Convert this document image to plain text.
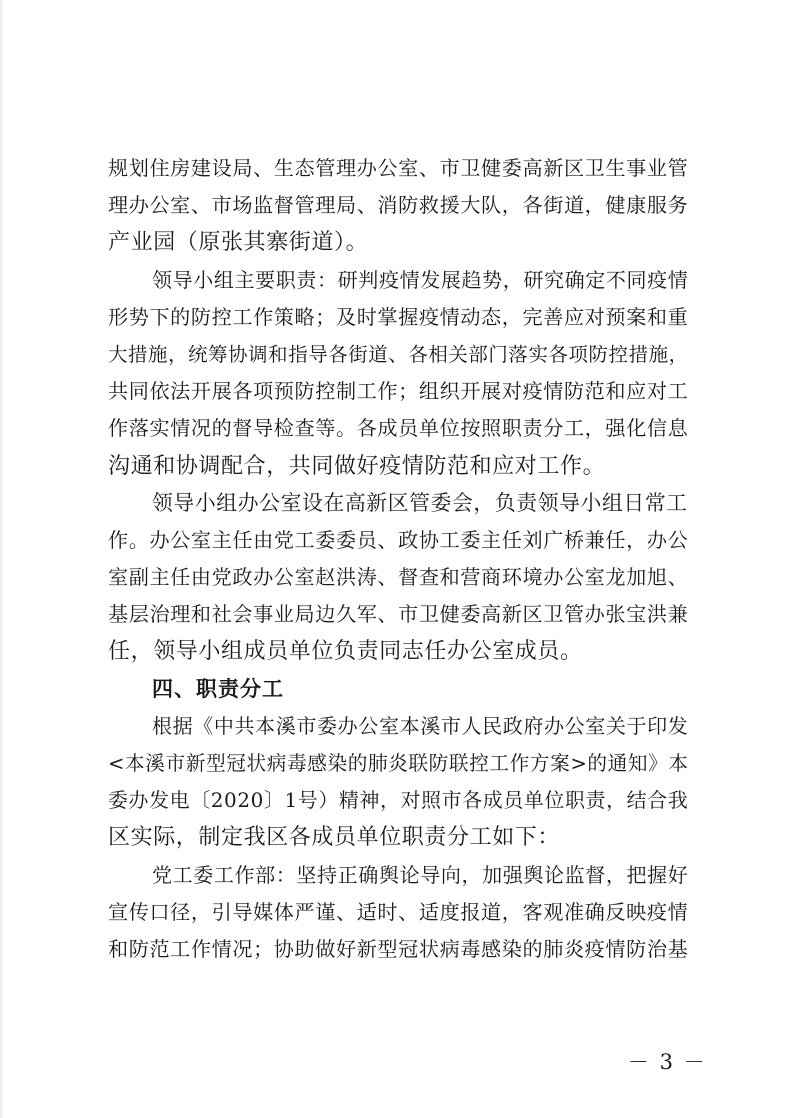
规划住房建设局、生态管理办公室、市卫健委高新区卫生事业管
理办公室、市场监督管理局、消防救援大队，各街道，健康服务
产业园（原张其寨街道）。
领导小组主要职责：研判疫情发展趋势，研究确定不同疫情
形势下的防控工作策略；及时掌握疫情动态，完善应对预案和重
大措施，统筹协调和指导各街道、各相关部门落实各项防控措施，
共同依法开展各项预防控制工作；组织开展对疫情防范和应对工
作落实情况的督导检查等。各成员单位按照职责分工，强化信息
沟通和协调配合，共同做好疫情防范和应对工作。
领导小组办公室设在高新区管委会，负责领导小组日常工
作。办公室主任由党工委委员、政协工委主任刘广桥兼任，办公
室副主任由党政办公室赵洪涛、督查和营商环境办公室龙加旭、
基层治理和社会事业局边久军、市卫健委高新区卫管办张宝洪兼
任，领导小组成员单位负责同志任办公室成员。
四、职责分工
根据《中共本溪市委办公室本溪市人民政府办公室关于印发
<本溪市新型冠状病毒感染的肺炎联防联控工作方案>的通知》本
委办发电〔2020〕1号）精神，对照市各成员单位职责，结合我
区实际，制定我区各成员单位职责分工如下：
党工委工作部：坚持正确舆论导向，加强舆论监督，把握好
宣传口径，引导媒体严谨、适时、适度报道，客观准确反映疫情
和防范工作情况；协助做好新型冠状病毒感染的肺炎疫情防治基
－ 3 －
